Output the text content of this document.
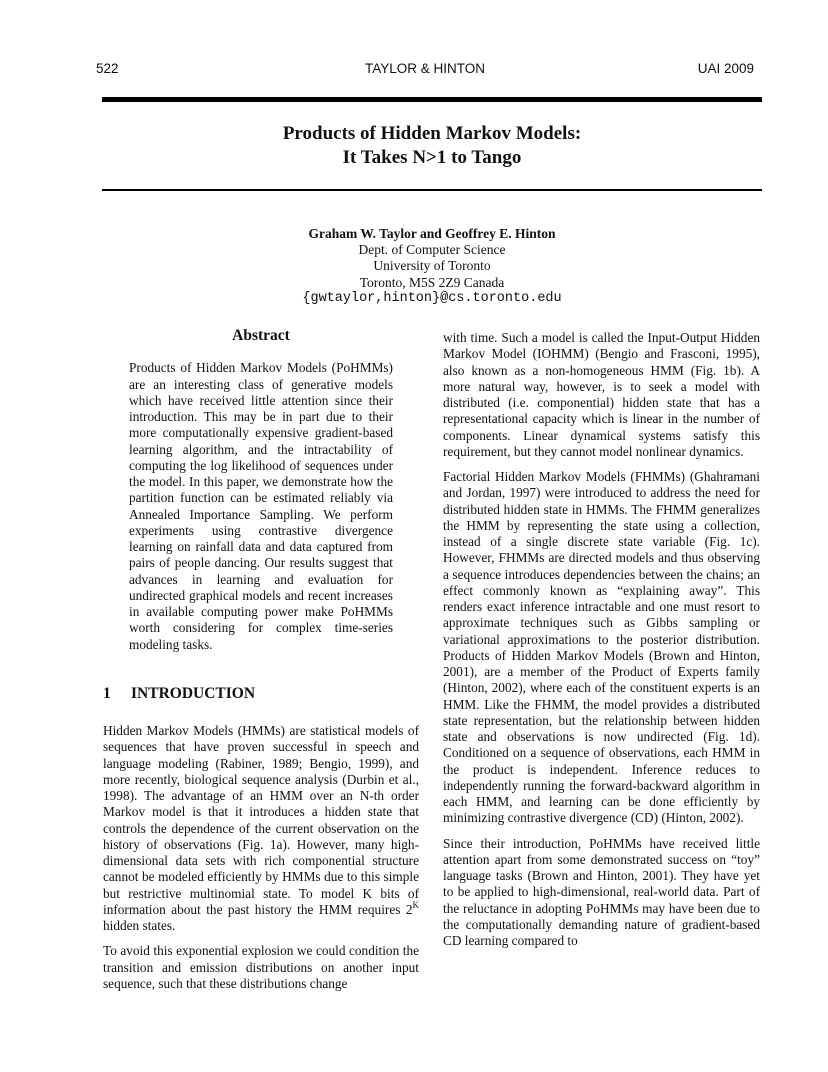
522	TAYLOR & HINTON	UAI 2009
Products of Hidden Markov Models:
It Takes N>1 to Tango
Graham W. Taylor and Geoffrey E. Hinton
Dept. of Computer Science
University of Toronto
Toronto, M5S 2Z9 Canada
{gwtaylor,hinton}@cs.toronto.edu
Abstract

Products of Hidden Markov Models (PoHMMs) are an interesting class of generative models which have received little attention since their introduction. This may be in part due to their more computationally expensive gradient-based learning algorithm, and the intractability of computing the log likelihood of sequences under the model. In this paper, we demonstrate how the partition function can be estimated reliably via Annealed Importance Sampling. We perform experiments using contrastive divergence learning on rainfall data and data captured from pairs of people dancing. Our results suggest that advances in learning and evaluation for undirected graphical models and recent increases in available computing power make PoHMMs worth considering for complex time-series modeling tasks.

1 INTRODUCTION

Hidden Markov Models (HMMs) are statistical models of sequences that have proven successful in speech and language modeling (Rabiner, 1989; Bengio, 1999), and more recently, biological sequence analysis (Durbin et al., 1998). The advantage of an HMM over an N-th order Markov model is that it introduces a hidden state that controls the dependence of the current observation on the history of observations (Fig. 1a). However, many high-dimensional data sets with rich componential structure cannot be modeled efficiently by HMMs due to this simple but restrictive multinomial state. To model K bits of information about the past history the HMM requires $2^K$ hidden states.

To avoid this exponential explosion we could condition the transition and emission distributions on another input sequence, such that these distributions change

with time. Such a model is called the Input-Output Hidden Markov Model (IOHMM) (Bengio and Frasconi, 1995), also known as a non-homogeneous HMM (Fig. 1b). A more natural way, however, is to seek a model with distributed (i.e. componential) hidden state that has a representational capacity which is linear in the number of components. Linear dynamical systems satisfy this requirement, but they cannot model nonlinear dynamics.

Factorial Hidden Markov Models (FHMMs) (Ghahramani and Jordan, 1997) were introduced to address the need for distributed hidden state in HMMs. The FHMM generalizes the HMM by representing the state using a collection, instead of a single discrete state variable (Fig. 1c). However, FHMMs are directed models and thus observing a sequence introduces dependencies between the chains; an effect commonly known as “explaining away”. This renders exact inference intractable and one must resort to approximate techniques such as Gibbs sampling or variational approximations to the posterior distribution. Products of Hidden Markov Models (Brown and Hinton, 2001), are a member of the Product of Experts family (Hinton, 2002), where each of the constituent experts is an HMM. Like the FHMM, the model provides a distributed state representation, but the relationship between hidden state and observations is now undirected (Fig. 1d). Conditioned on a sequence of observations, each HMM in the product is independent. Inference reduces to independently running the forward-backward algorithm in each HMM, and learning can be done efficiently by minimizing contrastive divergence (CD) (Hinton, 2002).

Since their introduction, PoHMMs have received little attention apart from some demonstrated success on “toy” language tasks (Brown and Hinton, 2001). They have yet to be applied to high-dimensional, real-world data. Part of the reluctance in adopting PoHMMs may have been due to the computationally demanding nature of gradient-based CD learning compared to
